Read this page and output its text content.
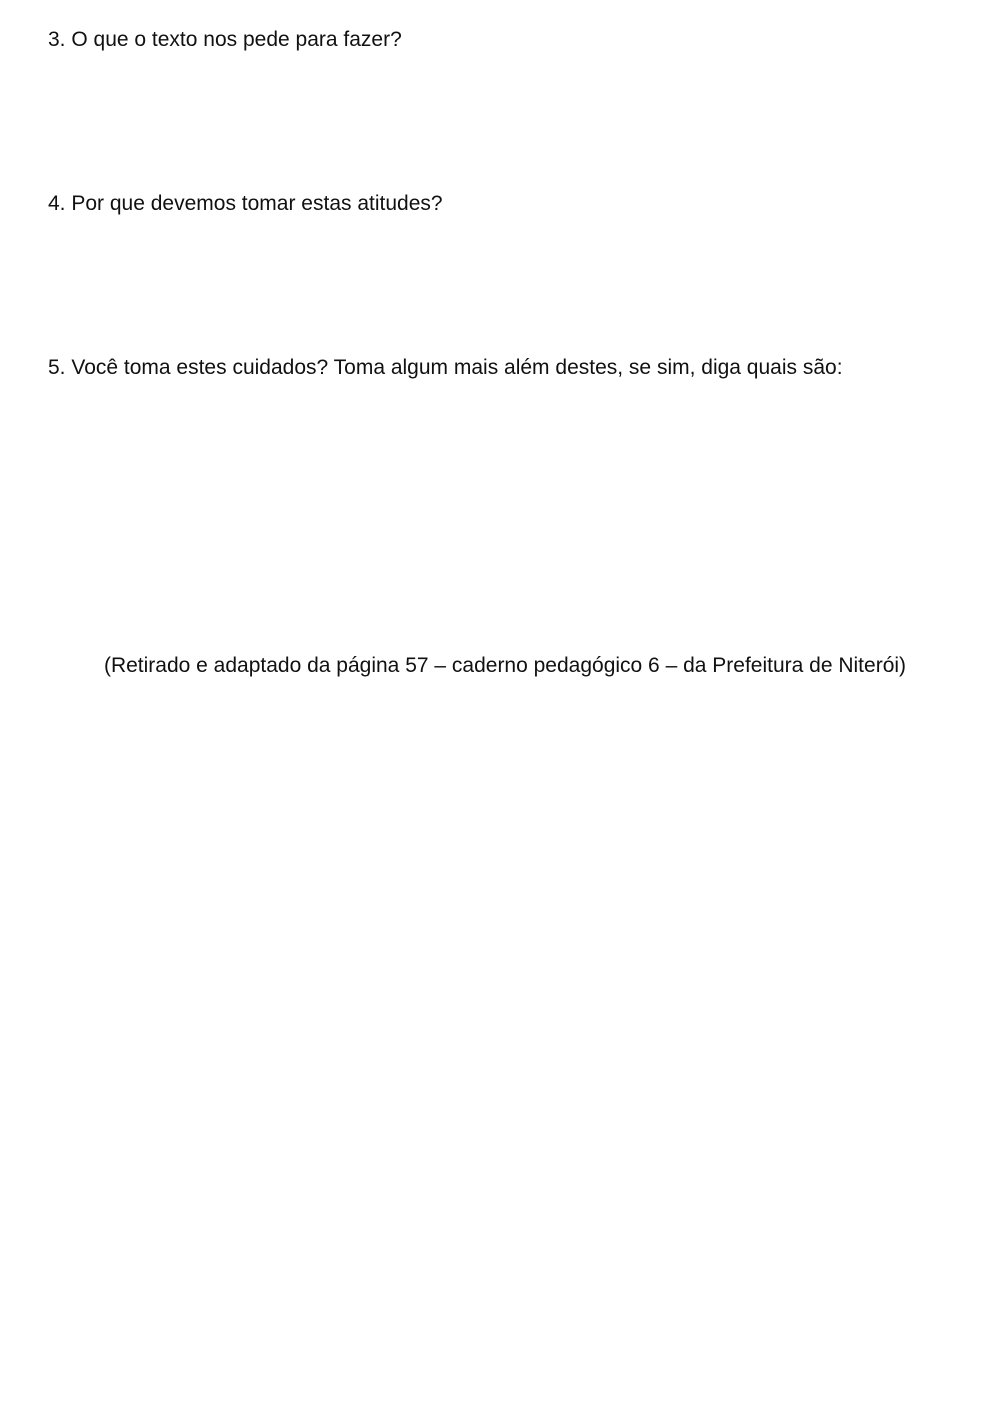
3. O que o texto nos pede para fazer?
4. Por que devemos tomar estas atitudes?
5. Você toma estes cuidados? Toma algum mais além destes, se sim, diga quais são:
(Retirado e adaptado da página 57 – caderno pedagógico 6 – da Prefeitura de Niterói)
